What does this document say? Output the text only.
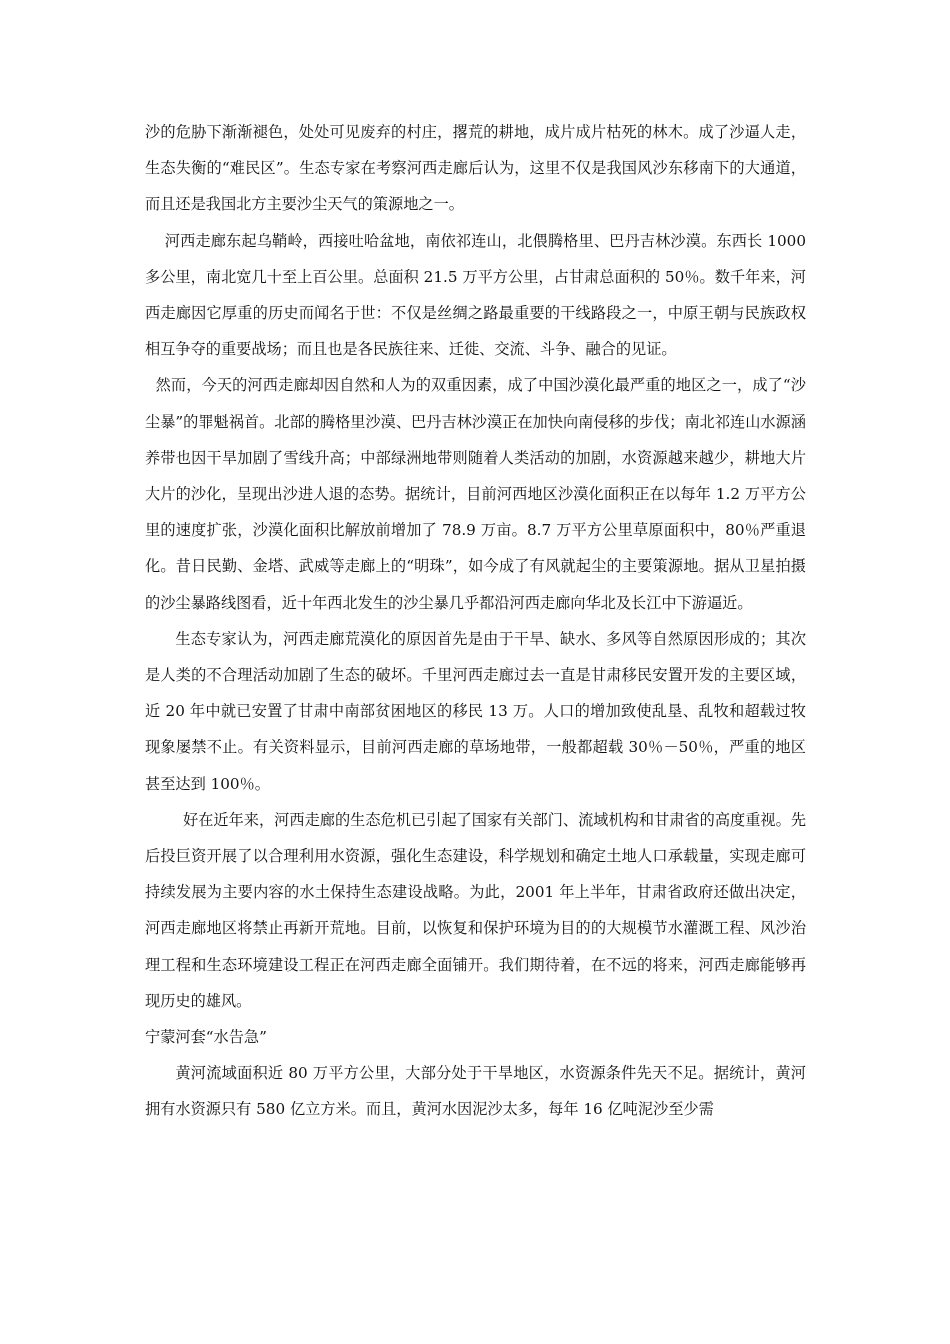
沙的危胁下渐渐褪色，处处可见废弃的村庄，撂荒的耕地，成片成片枯死的林木。成了沙逼人走，生态失衡的“难民区”。生态专家在考察河西走廊后认为，这里不仅是我国风沙东移南下的大通道，而且还是我国北方主要沙尘天气的策源地之一。

河西走廊东起乌鞘岭，西接吐哈盆地，南依祁连山，北偎腾格里、巴丹吉林沙漠。东西长 1000 多公里，南北宽几十至上百公里。总面积 21.5 万平方公里，占甘肃总面积的 50％。数千年来，河西走廊因它厚重的历史而闻名于世：不仅是丝绸之路最重要的干线路段之一，中原王朝与民族政权相互争夺的重要战场；而且也是各民族往来、迁徙、交流、斗争、融合的见证。

然而，今天的河西走廊却因自然和人为的双重因素，成了中国沙漠化最严重的地区之一，成了“沙尘暴”的罪魁祸首。北部的腾格里沙漠、巴丹吉林沙漠正在加快向南侵移的步伐；南北祁连山水源涵养带也因干旱加剧了雪线升高；中部绿洲地带则随着人类活动的加剧，水资源越来越少，耕地大片大片的沙化，呈现出沙进人退的态势。据统计，目前河西地区沙漠化面积正在以每年 1.2 万平方公里的速度扩张，沙漠化面积比解放前增加了 78.9 万亩。8.7 万平方公里草原面积中，80％严重退化。昔日民勤、金塔、武威等走廊上的“明珠”，如今成了有风就起尘的主要策源地。据从卫星拍摄的沙尘暴路线图看，近十年西北发生的沙尘暴几乎都沿河西走廊向华北及长江中下游逼近。

生态专家认为，河西走廊荒漠化的原因首先是由于干旱、缺水、多风等自然原因形成的；其次是人类的不合理活动加剧了生态的破坏。千里河西走廊过去一直是甘肃移民安置开发的主要区域，近 20 年中就已安置了甘肃中南部贫困地区的移民 13 万。人口的增加致使乱垦、乱牧和超载过牧现象屡禁不止。有关资料显示，目前河西走廊的草场地带，一般都超载 30％－50％，严重的地区甚至达到 100％。

好在近年来，河西走廊的生态危机已引起了国家有关部门、流域机构和甘肃省的高度重视。先后投巨资开展了以合理利用水资源，强化生态建设，科学规划和确定土地人口承载量，实现走廊可持续发展为主要内容的水土保持生态建设战略。为此，2001 年上半年，甘肃省政府还做出决定，河西走廊地区将禁止再新开荒地。目前，以恢复和保护环境为目的的大规模节水灌溉工程、风沙治理工程和生态环境建设工程正在河西走廊全面铺开。我们期待着，在不远的将来，河西走廊能够再现历史的雄风。

宁蒙河套“水告急”

黄河流域面积近 80 万平方公里，大部分处于干旱地区，水资源条件先天不足。据统计，黄河拥有水资源只有 580 亿立方米。而且，黄河水因泥沙太多，每年 16 亿吨泥沙至少需
